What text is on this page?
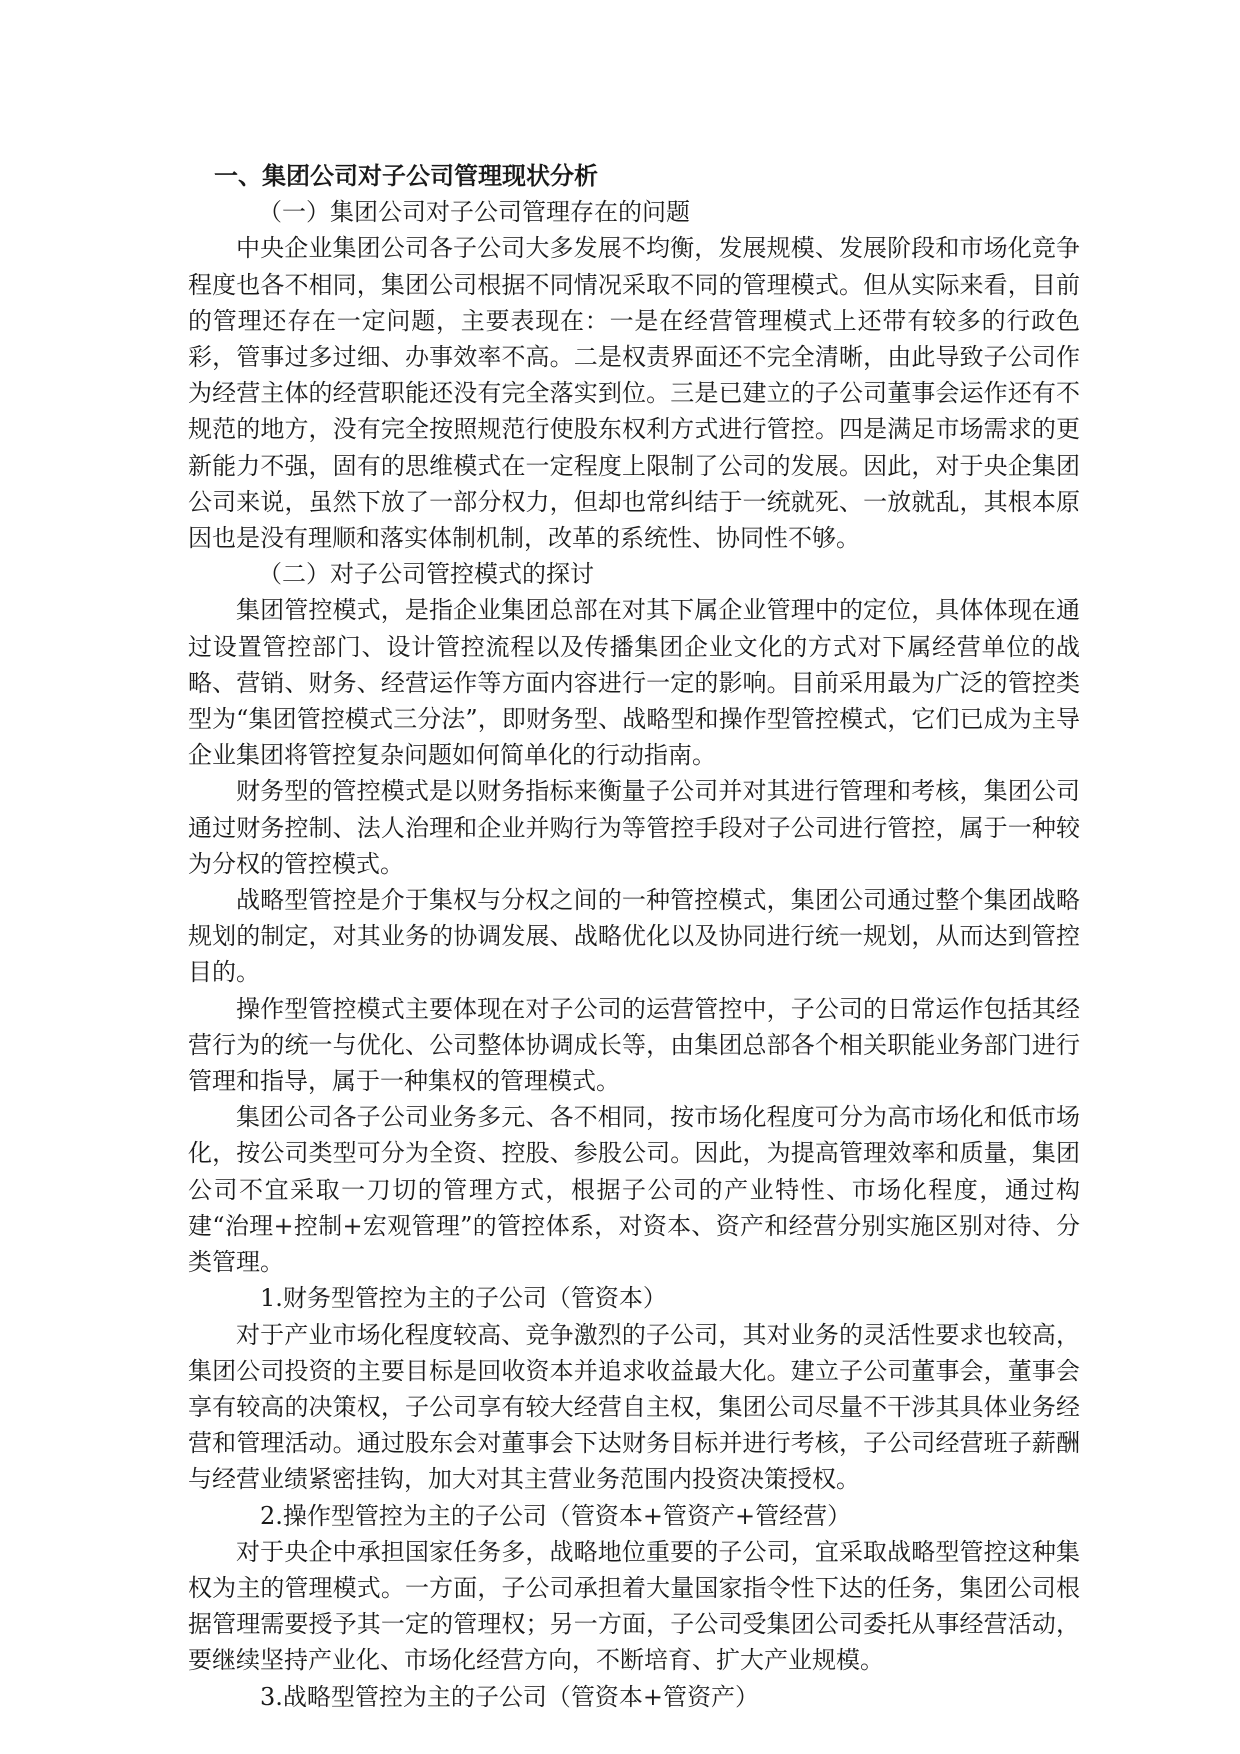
一、集团公司对子公司管理现状分析

（一）集团公司对子公司管理存在的问题

中央企业集团公司各子公司大多发展不均衡，发展规模、发展阶段和市场化竞争程度也各不相同，集团公司根据不同情况采取不同的管理模式。但从实际来看，目前的管理还存在一定问题，主要表现在：一是在经营管理模式上还带有较多的行政色彩，管事过多过细、办事效率不高。二是权责界面还不完全清晰，由此导致子公司作为经营主体的经营职能还没有完全落实到位。三是已建立的子公司董事会运作还有不规范的地方，没有完全按照规范行使股东权利方式进行管控。四是满足市场需求的更新能力不强，固有的思维模式在一定程度上限制了公司的发展。因此，对于央企集团公司来说，虽然下放了一部分权力，但却也常纠结于一统就死、一放就乱，其根本原因也是没有理顺和落实体制机制，改革的系统性、协同性不够。

（二）对子公司管控模式的探讨

集团管控模式，是指企业集团总部在对其下属企业管理中的定位，具体体现在通过设置管控部门、设计管控流程以及传播集团企业文化的方式对下属经营单位的战略、营销、财务、经营运作等方面内容进行一定的影响。目前采用最为广泛的管控类型为“集团管控模式三分法”，即财务型、战略型和操作型管控模式，它们已成为主导企业集团将管控复杂问题如何简单化的行动指南。

财务型的管控模式是以财务指标来衡量子公司并对其进行管理和考核，集团公司通过财务控制、法人治理和企业并购行为等管控手段对子公司进行管控，属于一种较为分权的管控模式。

战略型管控是介于集权与分权之间的一种管控模式，集团公司通过整个集团战略规划的制定，对其业务的协调发展、战略优化以及协同进行统一规划，从而达到管控目的。

操作型管控模式主要体现在对子公司的运营管控中，子公司的日常运作包括其经营行为的统一与优化、公司整体协调成长等，由集团总部各个相关职能业务部门进行管理和指导，属于一种集权的管理模式。

集团公司各子公司业务多元、各不相同，按市场化程度可分为高市场化和低市场化，按公司类型可分为全资、控股、参股公司。因此，为提高管理效率和质量，集团公司不宜采取一刀切的管理方式，根据子公司的产业特性、市场化程度，通过构建“治理+控制+宏观管理”的管控体系，对资本、资产和经营分别实施区别对待、分类管理。

1.财务型管控为主的子公司（管资本）

对于产业市场化程度较高、竞争激烈的子公司，其对业务的灵活性要求也较高，集团公司投资的主要目标是回收资本并追求收益最大化。建立子公司董事会，董事会享有较高的决策权，子公司享有较大经营自主权，集团公司尽量不干涉其具体业务经营和管理活动。通过股东会对董事会下达财务目标并进行考核，子公司经营班子薪酬与经营业绩紧密挂钩，加大对其主营业务范围内投资决策授权。

2.操作型管控为主的子公司（管资本+管资产+管经营）

对于央企中承担国家任务多，战略地位重要的子公司，宜采取战略型管控这种集权为主的管理模式。一方面，子公司承担着大量国家指令性下达的任务，集团公司根据管理需要授予其一定的管理权；另一方面，子公司受集团公司委托从事经营活动，要继续坚持产业化、市场化经营方向，不断培育、扩大产业规模。

3.战略型管控为主的子公司（管资本+管资产）
